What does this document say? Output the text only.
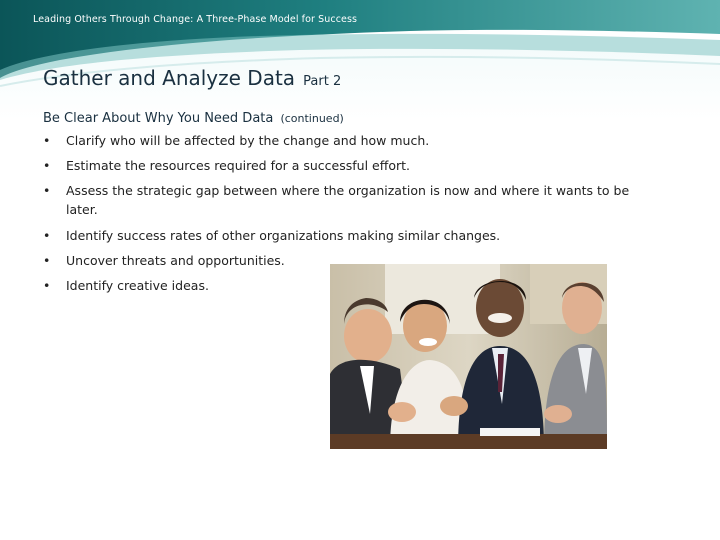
Leading Others Through Change: A Three-Phase Model for Success
Gather and Analyze Data Part 2
Be Clear About Why You Need Data (continued)
•	Clarify who will be affected by the change and how much.
•	Estimate the resources required for a successful effort.
•	Assess the strategic gap between where the organization is now and where it wants to be later.
•	Identify success rates of other organizations making similar changes.
•	Uncover threats and opportunities.
•	Identify creative ideas.
